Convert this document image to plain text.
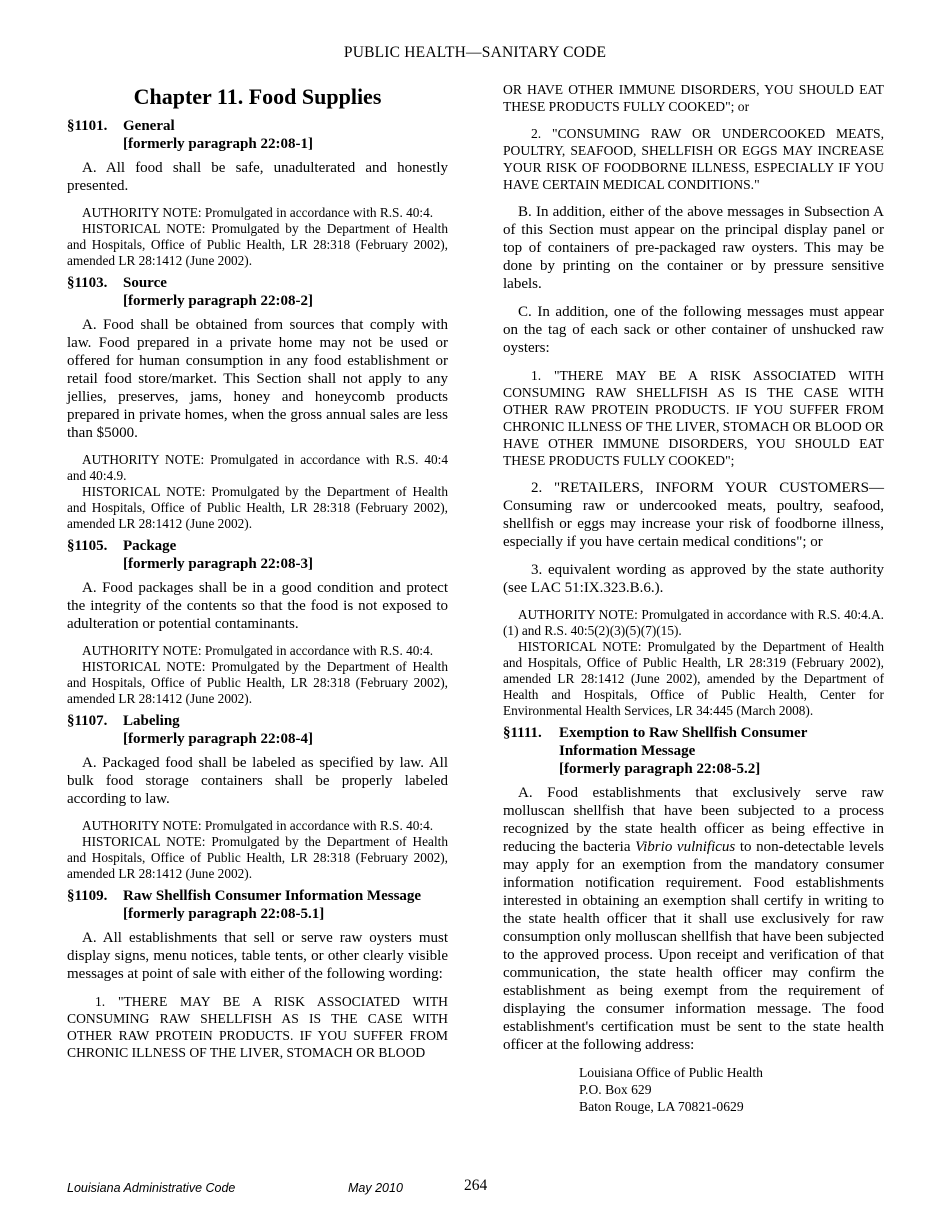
PUBLIC HEALTH—SANITARY CODE
Chapter 11. Food Supplies
§1101.	General
[formerly paragraph 22:08-1]

A. All food shall be safe, unadulterated and honestly presented.

AUTHORITY NOTE: Promulgated in accordance with R.S. 40:4.

HISTORICAL NOTE: Promulgated by the Department of Health and Hospitals, Office of Public Health, LR 28:318 (February 2002), amended LR 28:1412 (June 2002).

§1103.	Source
[formerly paragraph 22:08-2]

A. Food shall be obtained from sources that comply with law. Food prepared in a private home may not be used or offered for human consumption in any food establishment or retail food store/market. This Section shall not apply to any jellies, preserves, jams, honey and honeycomb products prepared in private homes, when the gross annual sales are less than $5000.

AUTHORITY NOTE: Promulgated in accordance with R.S. 40:4 and 40:4.9.

HISTORICAL NOTE: Promulgated by the Department of Health and Hospitals, Office of Public Health, LR 28:318 (February 2002), amended LR 28:1412 (June 2002).

§1105.	Package
[formerly paragraph 22:08-3]

A. Food packages shall be in a good condition and protect the integrity of the contents so that the food is not exposed to adulteration or potential contaminants.

AUTHORITY NOTE: Promulgated in accordance with R.S. 40:4.

HISTORICAL NOTE: Promulgated by the Department of Health and Hospitals, Office of Public Health, LR 28:318 (February 2002), amended LR 28:1412 (June 2002).

§1107.	Labeling
[formerly paragraph 22:08-4]

A. Packaged food shall be labeled as specified by law. All bulk food storage containers shall be properly labeled according to law.

AUTHORITY NOTE: Promulgated in accordance with R.S. 40:4.

HISTORICAL NOTE: Promulgated by the Department of Health and Hospitals, Office of Public Health, LR 28:318 (February 2002), amended LR 28:1412 (June 2002).

§1109.	Raw Shellfish Consumer Information Message
[formerly paragraph 22:08-5.1]

A. All establishments that sell or serve raw oysters must display signs, menu notices, table tents, or other clearly visible messages at point of sale with either of the following wording:

1. "THERE MAY BE A RISK ASSOCIATED WITH CONSUMING RAW SHELLFISH AS IS THE CASE WITH OTHER RAW PROTEIN PRODUCTS. IF YOU SUFFER FROM CHRONIC ILLNESS OF THE LIVER, STOMACH OR BLOOD

OR HAVE OTHER IMMUNE DISORDERS, YOU SHOULD EAT THESE PRODUCTS FULLY COOKED"; or

2. "CONSUMING RAW OR UNDERCOOKED MEATS, POULTRY, SEAFOOD, SHELLFISH OR EGGS MAY INCREASE YOUR RISK OF FOODBORNE ILLNESS, ESPECIALLY IF YOU HAVE CERTAIN MEDICAL CONDITIONS."

B. In addition, either of the above messages in Subsection A of this Section must appear on the principal display panel or top of containers of pre-packaged raw oysters. This may be done by printing on the container or by pressure sensitive labels.

C. In addition, one of the following messages must appear on the tag of each sack or other container of unshucked raw oysters:

1. "THERE MAY BE A RISK ASSOCIATED WITH CONSUMING RAW SHELLFISH AS IS THE CASE WITH OTHER RAW PROTEIN PRODUCTS. IF YOU SUFFER FROM CHRONIC ILLNESS OF THE LIVER, STOMACH OR BLOOD OR HAVE OTHER IMMUNE DISORDERS, YOU SHOULD EAT THESE PRODUCTS FULLY COOKED";

2. "RETAILERS, INFORM YOUR CUSTOMERS—Consuming raw or undercooked meats, poultry, seafood, shellfish or eggs may increase your risk of foodborne illness, especially if you have certain medical conditions"; or

3. equivalent wording as approved by the state authority (see LAC 51:IX.323.B.6.).

AUTHORITY NOTE: Promulgated in accordance with R.S. 40:4.A.(1) and R.S. 40:5(2)(3)(5)(7)(15).

HISTORICAL NOTE: Promulgated by the Department of Health and Hospitals, Office of Public Health, LR 28:319 (February 2002), amended LR 28:1412 (June 2002), amended by the Department of Health and Hospitals, Office of Public Health, Center for Environmental Health Services, LR 34:445 (March 2008).

§1111.	Exemption to Raw Shellfish Consumer
Information Message
[formerly paragraph 22:08-5.2]

A. Food establishments that exclusively serve raw molluscan shellfish that have been subjected to a process recognized by the state health officer as being effective in reducing the bacteria Vibrio vulnificus to non-detectable levels may apply for an exemption from the mandatory consumer information notification requirement. Food establishments interested in obtaining an exemption shall certify in writing to the state health officer that it shall use exclusively for raw consumption only molluscan shellfish that have been subjected to the approved process. Upon receipt and verification of that communication, the state health officer may confirm the establishment as being exempt from the requirement of displaying the consumer information message. The food establishment's certification must be sent to the state health officer at the following address:

Louisiana Office of Public Health
P.O. Box 629
Baton Rouge, LA 70821-0629
Louisiana Administrative Code	May 2010	264
